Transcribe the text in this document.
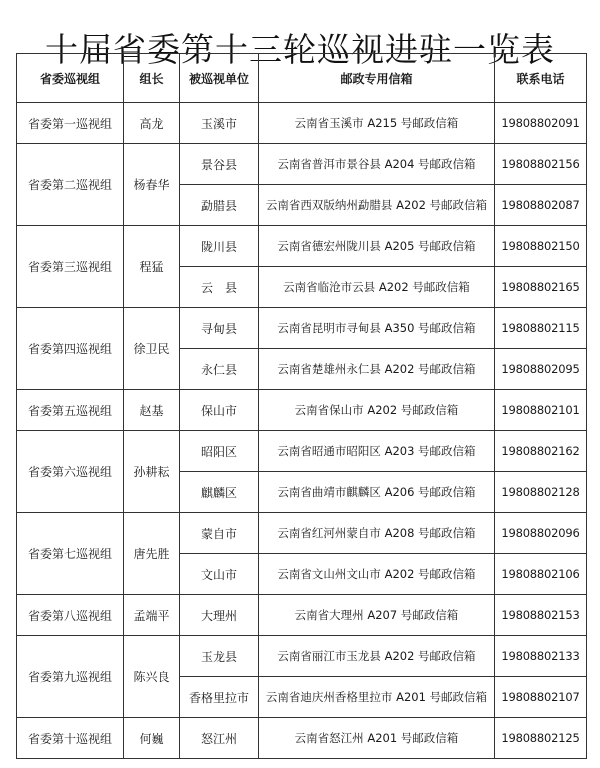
十届省委第十三轮巡视进驻一览表
省委巡视组	组长	被巡视单位	邮政专用信箱	联系电话
省委第一巡视组	高龙	玉溪市	云南省玉溪市 A215 号邮政信箱	19808802091
省委第二巡视组	杨春华	景谷县	云南省普洱市景谷县 A204 号邮政信箱	19808802156
		勐腊县	云南省西双版纳州勐腊县 A202 号邮政信箱	19808802087
省委第三巡视组	程猛	陇川县	云南省德宏州陇川县 A205 号邮政信箱	19808802150
		云　县	云南省临沧市云县 A202 号邮政信箱	19808802165
省委第四巡视组	徐卫民	寻甸县	云南省昆明市寻甸县 A350 号邮政信箱	19808802115
		永仁县	云南省楚雄州永仁县 A202 号邮政信箱	19808802095
省委第五巡视组	赵基	保山市	云南省保山市 A202 号邮政信箱	19808802101
省委第六巡视组	孙耕耘	昭阳区	云南省昭通市昭阳区 A203 号邮政信箱	19808802162
		麒麟区	云南省曲靖市麒麟区 A206 号邮政信箱	19808802128
省委第七巡视组	唐先胜	蒙自市	云南省红河州蒙自市 A208 号邮政信箱	19808802096
		文山市	云南省文山州文山市 A202 号邮政信箱	19808802106
省委第八巡视组	孟端平	大理州	云南省大理州 A207 号邮政信箱	19808802153
省委第九巡视组	陈兴良	玉龙县	云南省丽江市玉龙县 A202 号邮政信箱	19808802133
		香格里拉市	云南省迪庆州香格里拉市 A201 号邮政信箱	19808802107
省委第十巡视组	何巍	怒江州	云南省怒江州 A201 号邮政信箱	19808802125
